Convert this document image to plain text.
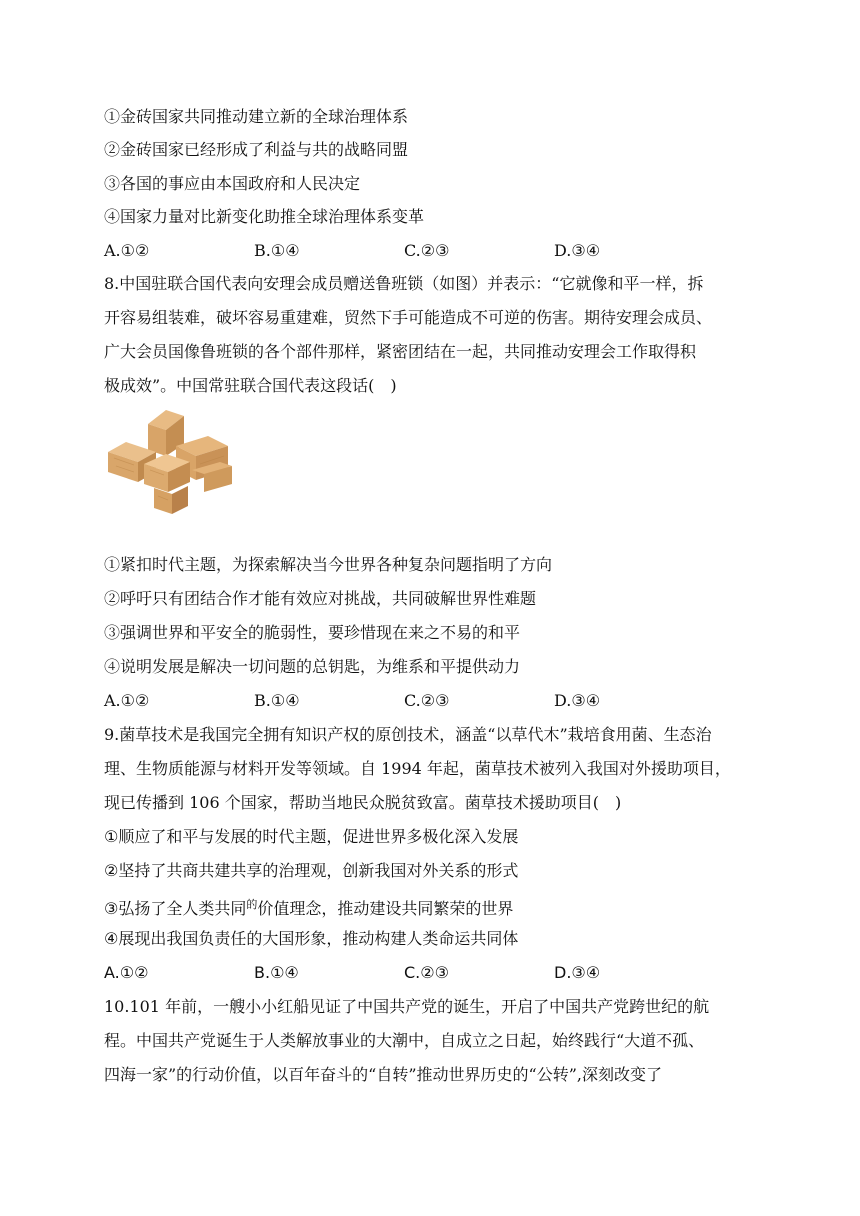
①金砖国家共同推动建立新的全球治理体系
②金砖国家已经形成了利益与共的战略同盟
③各国的事应由本国政府和人民决定
④国家力量对比新变化助推全球治理体系变革
A.①②	B.①④	C.②③	D.③④
8.中国驻联合国代表向安理会成员赠送鲁班锁（如图）并表示：“它就像和平一样，拆
开容易组装难，破坏容易重建难，贸然下手可能造成不可逆的伤害。期待安理会成员、
广大会员国像鲁班锁的各个部件那样，紧密团结在一起，共同推动安理会工作取得积
极成效”。中国常驻联合国代表这段话(　)
①紧扣时代主题，为探索解决当今世界各种复杂问题指明了方向
②呼吁只有团结合作才能有效应对挑战，共同破解世界性难题
③强调世界和平安全的脆弱性，要珍惜现在来之不易的和平
④说明发展是解决一切问题的总钥匙，为维系和平提供动力
A.①②	B.①④	C.②③	D.③④
9.菌草技术是我国完全拥有知识产权的原创技术，涵盖“以草代木”栽培食用菌、生态治
理、生物质能源与材料开发等领域。自 1994 年起，菌草技术被列入我国对外援助项目，
现已传播到 106 个国家，帮助当地民众脱贫致富。菌草技术援助项目(　)
①顺应了和平与发展的时代主题，促进世界多极化深入发展
②坚持了共商共建共享的治理观，创新我国对外关系的形式
③弘扬了全人类共同$^的$价值理念，推动建设共同繁荣的世界
④展现出我国负责任的大国形象，推动构建人类命运共同体
A.①②	B.①④	C.②③	D.③④
10.101 年前，一艘小小红船见证了中国共产党的诞生，开启了中国共产党跨世纪的航
程。中国共产党诞生于人类解放事业的大潮中，自成立之日起，始终践行“大道不孤、
四海一家”的行动价值，以百年奋斗的“自转”推动世界历史的“公转”,深刻改变了
